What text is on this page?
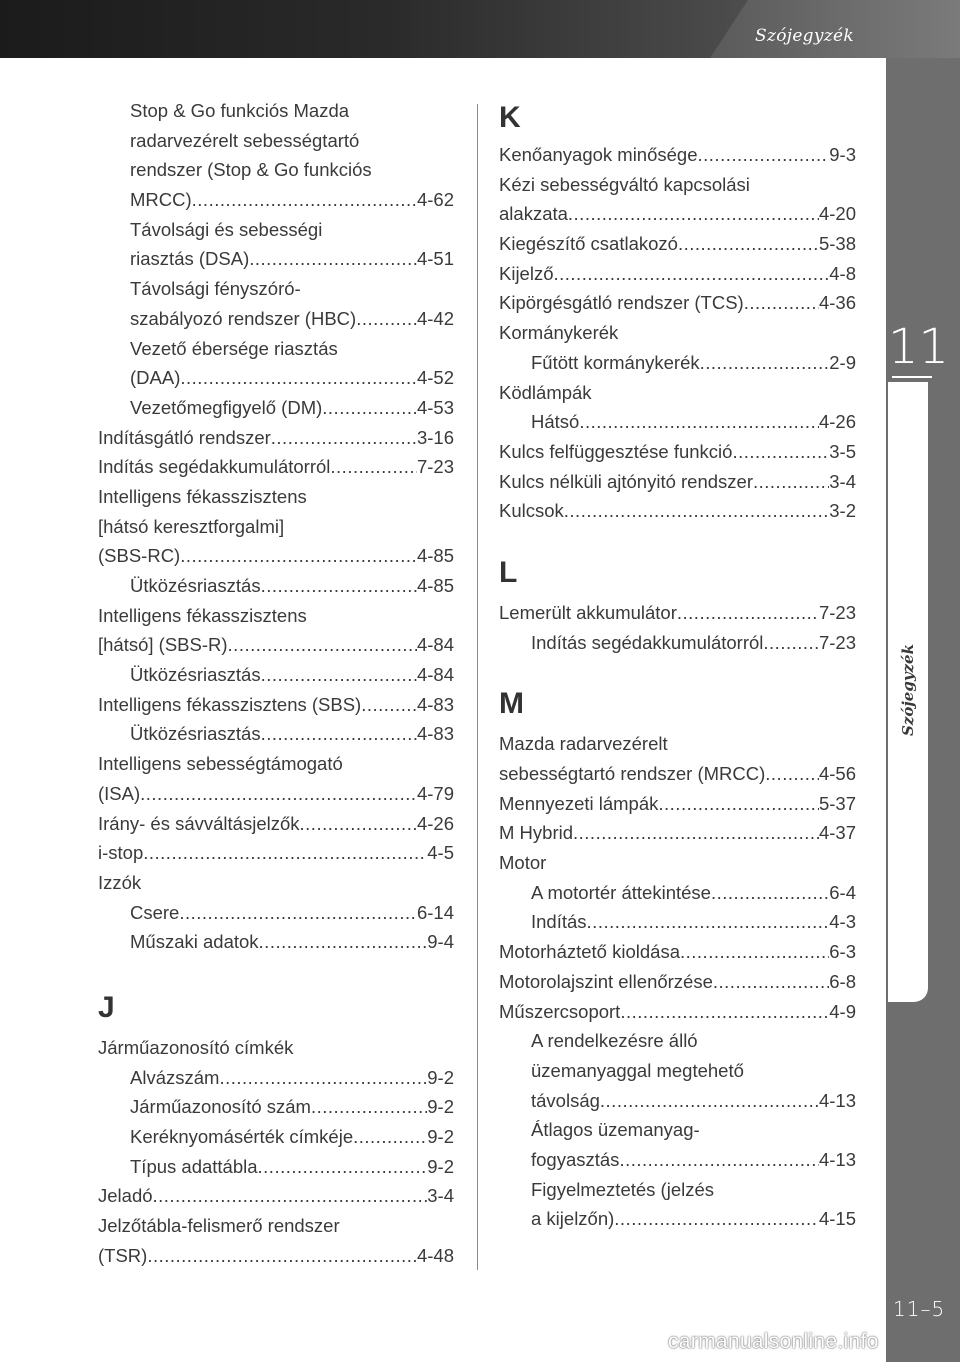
Szójegyzék
11
Szójegyzék
11–5
carmanualsonline.info
Stop & Go funkciós Mazda
radarvezérelt sebességtartó
rendszer (Stop & Go funkciós
MRCC) .....	4-62
Távolsági és sebességi
riasztás (DSA) .....	4-51
Távolsági fényszóró-
szabályozó rendszer (HBC) .....	4-42
Vezető ébersége riasztás
(DAA) .....	4-52
Vezetőmegfigyelő (DM) .....	4-53
Indításgátló rendszer .....	3-16
Indítás segédakkumulátorról .....	7-23
Intelligens fékasszisztens
[hátsó keresztforgalmi]
(SBS-RC) .....	4-85
Ütközésriasztás .....	4-85
Intelligens fékasszisztens
[hátsó] (SBS-R) .....	4-84
Ütközésriasztás .....	4-84
Intelligens fékasszisztens (SBS) .....	4-83
Ütközésriasztás .....	4-83
Intelligens sebességtámogató
(ISA) .....	4-79
Irány- és sávváltásjelzők .....	4-26
i-stop .....	4-5
Izzók
Csere .....	6-14
Műszaki adatok .....	9-4
J
Járműazonosító címkék
Alvázszám .....	9-2
Járműazonosító szám .....	9-2
Keréknyomásérték címkéje .....	9-2
Típus adattábla .....	9-2
Jeladó .....	3-4
Jelzőtábla-felismerő rendszer
(TSR) .....	4-48
K
Kenőanyagok minősége .....	9-3
Kézi sebességváltó kapcsolási
alakzata .....	4-20
Kiegészítő csatlakozó .....	5-38
Kijelző .....	4-8
Kipörgésgátló rendszer (TCS) .....	4-36
Kormánykerék
Fűtött kormánykerék .....	2-9
Ködlámpák
Hátsó .....	4-26
Kulcs felfüggesztése funkció .....	3-5
Kulcs nélküli ajtónyitó rendszer .....	3-4
Kulcsok .....	3-2
L
Lemerült akkumulátor .....	7-23
Indítás segédakkumulátorról .....	7-23
M
Mazda radarvezérelt
sebességtartó rendszer (MRCC) .....	4-56
Mennyezeti lámpák .....	5-37
M Hybrid .....	4-37
Motor
A motortér áttekintése .....	6-4
Indítás .....	4-3
Motorháztető kioldása .....	6-3
Motorolajszint ellenőrzése .....	6-8
Műszercsoport .....	4-9
A rendelkezésre álló
üzemanyaggal megtehető
távolság .....	4-13
Átlagos üzemanyag-
fogyasztás .....	4-13
Figyelmeztetés (jelzés
a kijelzőn) .....	4-15
